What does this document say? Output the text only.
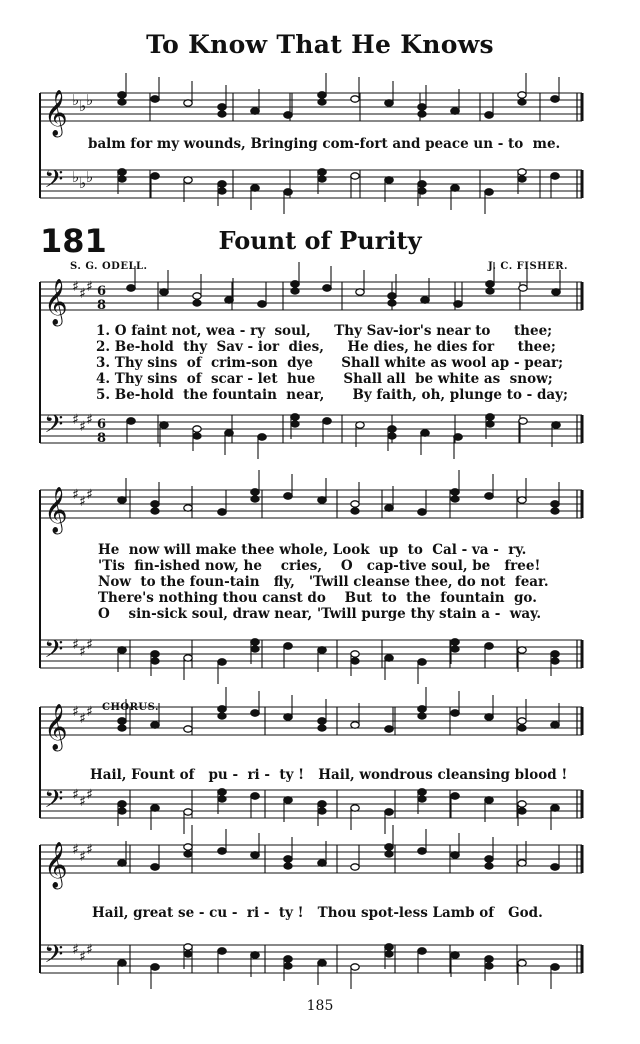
𝄞 ♭ ♭ ♭
𝄢 ♭ ♭ ♭
𝄞 ♯ ♯ ♯ 6
8
𝄢 ♯ ♯ ♯ 6
8
𝄞 ♯ ♯ ♯
𝄢 ♯ ♯ ♯
𝄞 ♯ ♯ ♯
𝄢 ♯ ♯ ♯
𝄞 ♯ ♯ ♯
𝄢 ♯ ♯ ♯
To Know That He Knows
balm for my wounds, Bringing com-fort and peace un - to  me.
181	Fount of Purity
S. G. ODELL.	J. C. FISHER.
1. O faint not, wea - ry  soul,     Thy Sav-ior's near to     thee;
2. Be-hold  thy  Sav - ior  dies,     He dies, he dies for     thee;
3. Thy sins  of  crim-son  dye      Shall white as wool ap - pear;
4. Thy sins  of  scar - let  hue      Shall all  be white as  snow;
5. Be-hold  the fountain  near,      By faith, oh, plunge to - day;
He  now will make thee whole, Look  up  to  Cal - va -  ry.
'Tis  fin-ished now, he    cries,    O   cap-tive soul, be   free!
Now  to the foun-tain   fly,   'Twill cleanse thee, do not  fear.
There's nothing thou canst do    But  to  the  fountain  go.
O    sin-sick soul, draw near, 'Twill purge thy stain a -  way.
CHORUS.
Hail, Fount of   pu -  ri -  ty !   Hail, wondrous cleansing blood !
Hail, great se - cu -  ri -  ty !   Thou spot-less Lamb of   God.
185
